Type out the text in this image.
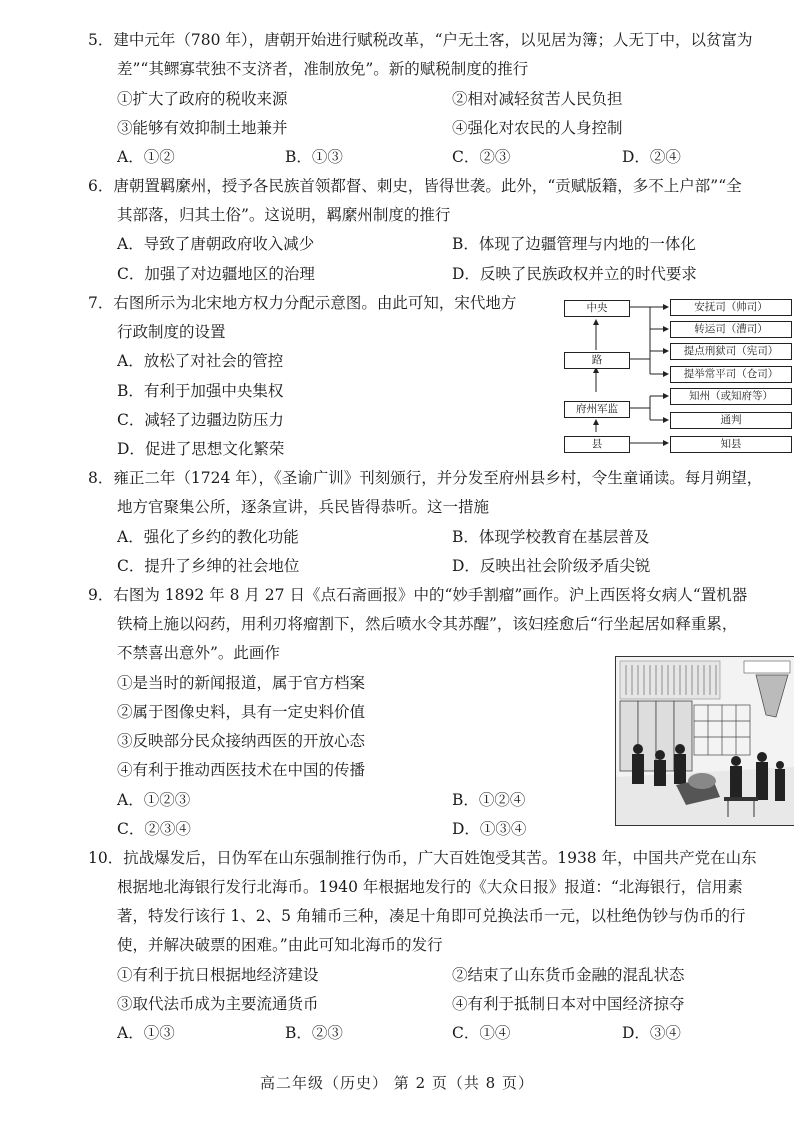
5．建中元年（780 年），唐朝开始进行赋税改革，“户无土客，以见居为簿；人无丁中，以贫富为
差”“其鳏寡茕独不支济者，准制放免”。新的赋税制度的推行
①扩大了政府的税收来源	②相对减轻贫苦人民负担
③能够有效抑制土地兼并	④强化对农民的人身控制
A．①②	B．①③	C．②③	D．②④
6．唐朝置羁縻州，授予各民族首领都督、刺史，皆得世袭。此外，“贡赋版籍，多不上户部”“全
其部落，归其土俗”。这说明，羁縻州制度的推行
A．导致了唐朝政府收入减少	B．体现了边疆管理与内地的一体化
C．加强了对边疆地区的治理	D．反映了民族政权并立的时代要求
7．右图所示为北宋地方权力分配示意图。由此可知，宋代地方
行政制度的设置
A．放松了对社会的管控
B．有利于加强中央集权
C．减轻了边疆边防压力
D．促进了思想文化繁荣
中央
路
府州军监
县
安抚司（帅司）
转运司（漕司）
提点刑狱司（宪司）
提举常平司（仓司）
知州（或知府等）
通判
知县
8．雍正二年（1724 年），《圣谕广训》刊刻颁行，并分发至府州县乡村，令生童诵读。每月朔望，
地方官聚集公所，逐条宣讲，兵民皆得恭听。这一措施
A．强化了乡约的教化功能	B．体现学校教育在基层普及
C．提升了乡绅的社会地位	D．反映出社会阶级矛盾尖锐
9．右图为 1892 年 8 月 27 日《点石斋画报》中的“妙手割瘤”画作。沪上西医将女病人“置机器
铁椅上施以闷药，用利刃将瘤割下，然后喷水令其苏醒”，该妇痊愈后“行坐起居如释重累，
不禁喜出意外”。此画作
①是当时的新闻报道，属于官方档案
②属于图像史料，具有一定史料价值
③反映部分民众接纳西医的开放心态
④有利于推动西医技术在中国的传播
A．①②③	B．①②④
C．②③④	D．①③④
10．抗战爆发后，日伪军在山东强制推行伪币，广大百姓饱受其苦。1938 年，中国共产党在山东
根据地北海银行发行北海币。1940 年根据地发行的《大众日报》报道：“北海银行，信用素
著，特发行该行 1、2、5 角辅币三种，凑足十角即可兑换法币一元，以杜绝伪钞与伪币的行
使，并解决破票的困难。”由此可知北海币的发行
①有利于抗日根据地经济建设	②结束了山东货币金融的混乱状态
③取代法币成为主要流通货币	④有利于抵制日本对中国经济掠夺
A．①③	B．②③	C．①④	D．③④
高二年级（历史） 第 2 页（共 8 页）
